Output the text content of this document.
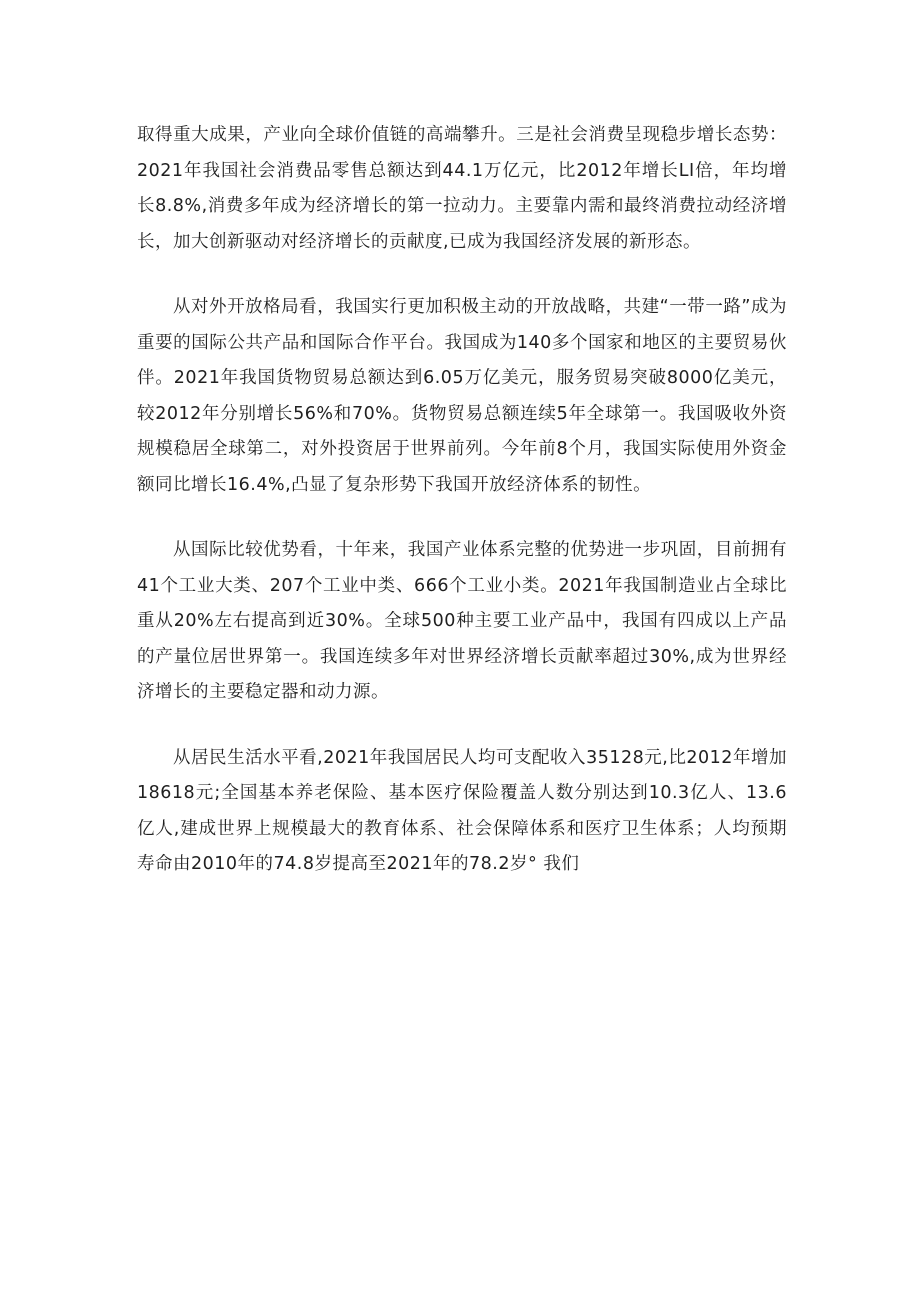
取得重大成果，产业向全球价值链的高端攀升。三是社会消费呈现稳步增长态势：2021年我国社会消费品零售总额达到44.1万亿元，比2012年增长LI倍，年均增长8.8%,消费多年成为经济增长的第一拉动力。主要靠内需和最终消费拉动经济增长，加大创新驱动对经济增长的贡献度,已成为我国经济发展的新形态。

从对外开放格局看，我国实行更加积极主动的开放战略，共建“一带一路”成为重要的国际公共产品和国际合作平台。我国成为140多个国家和地区的主要贸易伙伴。2021年我国货物贸易总额达到6.05万亿美元，服务贸易突破8000亿美元，较2012年分别增长56%和70%。货物贸易总额连续5年全球第一。我国吸收外资规模稳居全球第二，对外投资居于世界前列。今年前8个月，我国实际使用外资金额同比增长16.4%,凸显了复杂形势下我国开放经济体系的韧性。

从国际比较优势看，十年来，我国产业体系完整的优势进一步巩固，目前拥有41个工业大类、207个工业中类、666个工业小类。2021年我国制造业占全球比重从20%左右提高到近30%。全球500种主要工业产品中，我国有四成以上产品的产量位居世界第一。我国连续多年对世界经济增长贡献率超过30%,成为世界经济增长的主要稳定器和动力源。

从居民生活水平看,2021年我国居民人均可支配收入35128元,比2012年增加18618元;全国基本养老保险、基本医疗保险覆盖人数分别达到10.3亿人、13.6亿人,建成世界上规模最大的教育体系、社会保障体系和医疗卫生体系；人均预期寿命由2010年的74.8岁提高至2021年的78.2岁° 我们
